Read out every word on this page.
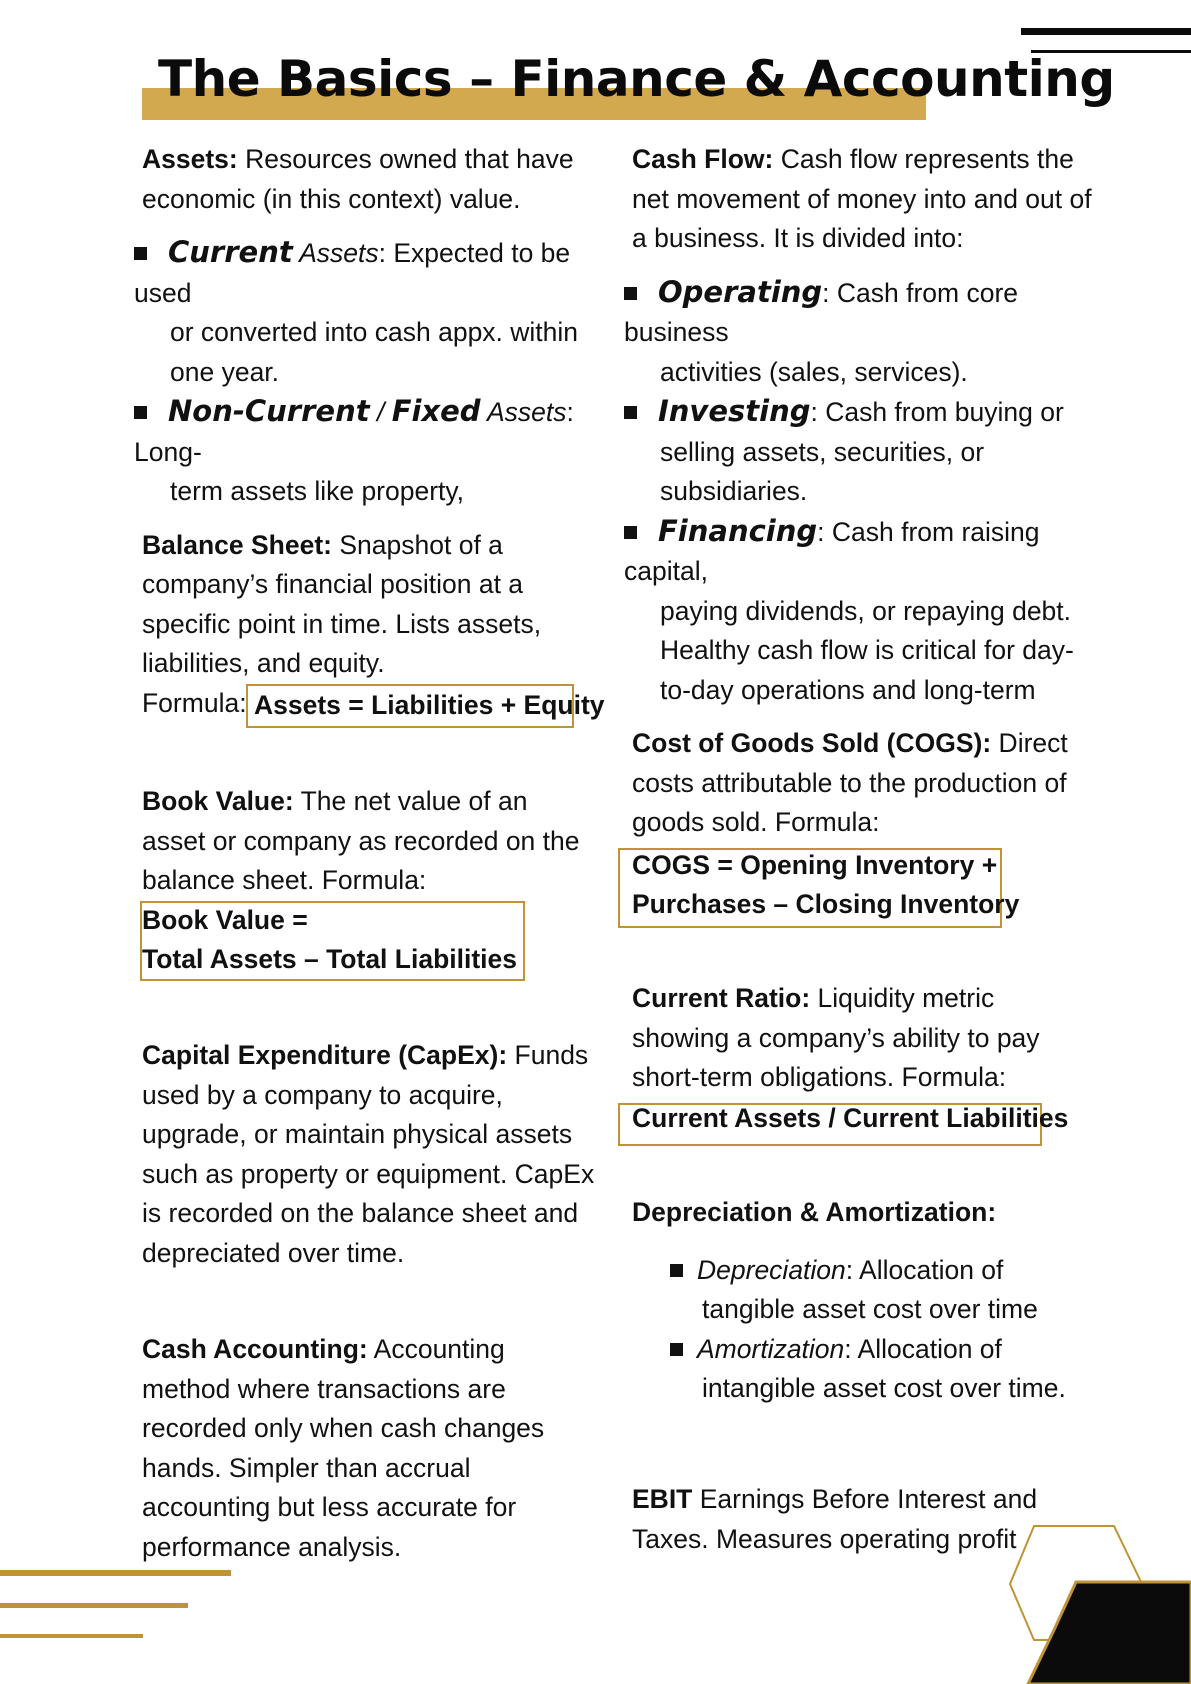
The Basics – Finance & Accounting

Assets: Resources owned that have economic (in this context) value.

Current Assets: Expected to be

used

or converted into cash appx. within

one year.

Non-Current / Fixed Assets:

Long-

term assets like property,

Balance Sheet: Snapshot of a company’s financial position at a specific point in time. Lists assets, liabilities, and equity.

Formula: Assets = Liabilities + Equity

Book Value: The net value of an asset or company as recorded on the balance sheet. Formula:

Book Value =
Total Assets – Total Liabilities

Capital Expenditure (CapEx): Funds used by a company to acquire, upgrade, or maintain physical assets such as property or equipment. CapEx is recorded on the balance sheet and depreciated over time.

Cash Accounting: Accounting method where transactions are recorded only when cash changes hands. Simpler than accrual accounting but less accurate for performance analysis.

Cash Flow: Cash flow represents the net movement of money into and out of a business. It is divided into:

Operating: Cash from core

business

activities (sales, services).

Investing: Cash from buying or

selling assets, securities, or

subsidiaries.

Financing: Cash from raising

capital,

paying dividends, or repaying debt.

Healthy cash flow is critical for day-

to-day operations and long-term

Cost of Goods Sold (COGS): Direct costs attributable to the production of goods sold. Formula:

COGS = Opening Inventory +
Purchases – Closing Inventory

Current Ratio: Liquidity metric showing a company’s ability to pay short-term obligations. Formula:

Current Assets / Current Liabilities

Depreciation & Amortization:

Depreciation: Allocation of

tangible asset cost over time

Amortization: Allocation of

intangible asset cost over time.

EBIT Earnings Before Interest and Taxes. Measures operating profit
